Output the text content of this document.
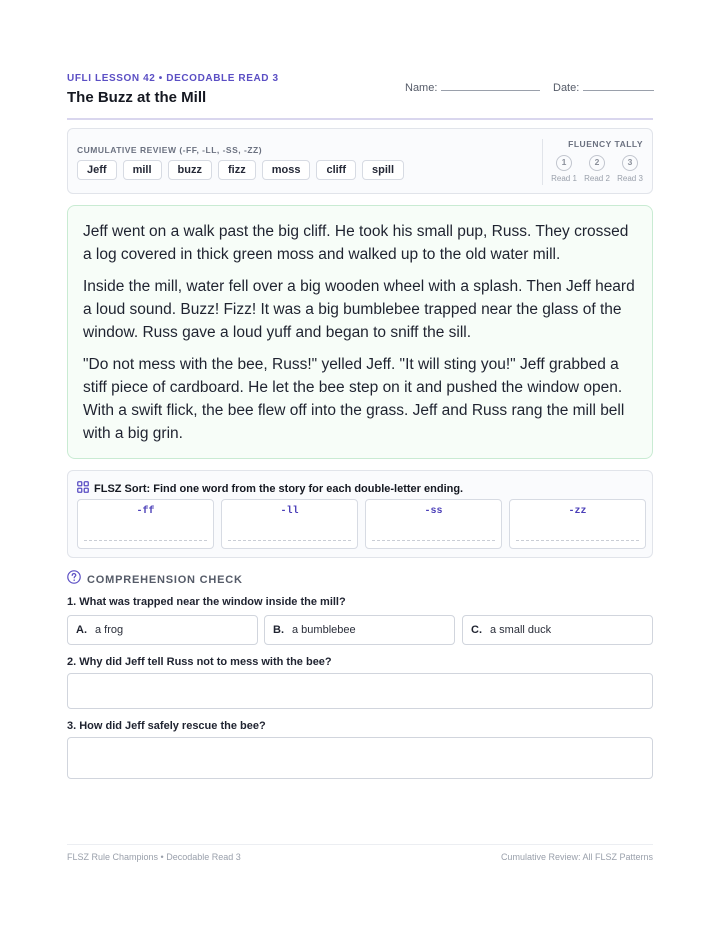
UFLI LESSON 42 • DECODABLE READ 3
The Buzz at the Mill
Name:	Date:
CUMULATIVE REVIEW (-FF, -LL, -SS, -ZZ)
Jeff	mill	buzz	fizz	moss	cliff	spill
FLUENCY TALLY
1
Read 1
2
Read 2
3
Read 3

Jeff went on a walk past the big cliff. He took his small pup, Russ. They crossed a log covered in thick green moss and walked up to the old water mill.

Inside the mill, water fell over a big wooden wheel with a splash. Then Jeff heard a loud sound. Buzz! Fizz! It was a big bumblebee trapped near the glass of the window. Russ gave a loud yuff and began to sniff the sill.

"Do not mess with the bee, Russ!" yelled Jeff. "It will sting you!" Jeff grabbed a stiff piece of cardboard. He let the bee step on it and pushed the window open. With a swift flick, the bee flew off into the grass. Jeff and Russ rang the mill bell with a big grin.

FLSZ Sort: Find one word from the story for each double-letter ending.
-ff	-ll	-ss	-zz
COMPREHENSION CHECK
1. What was trapped near the window inside the mill?
A. a frog	B. a bumblebee	C. a small duck
2. Why did Jeff tell Russ not to mess with the bee?
3. How did Jeff safely rescue the bee?
FLSZ Rule Champions • Decodable Read 3	Cumulative Review: All FLSZ Patterns
